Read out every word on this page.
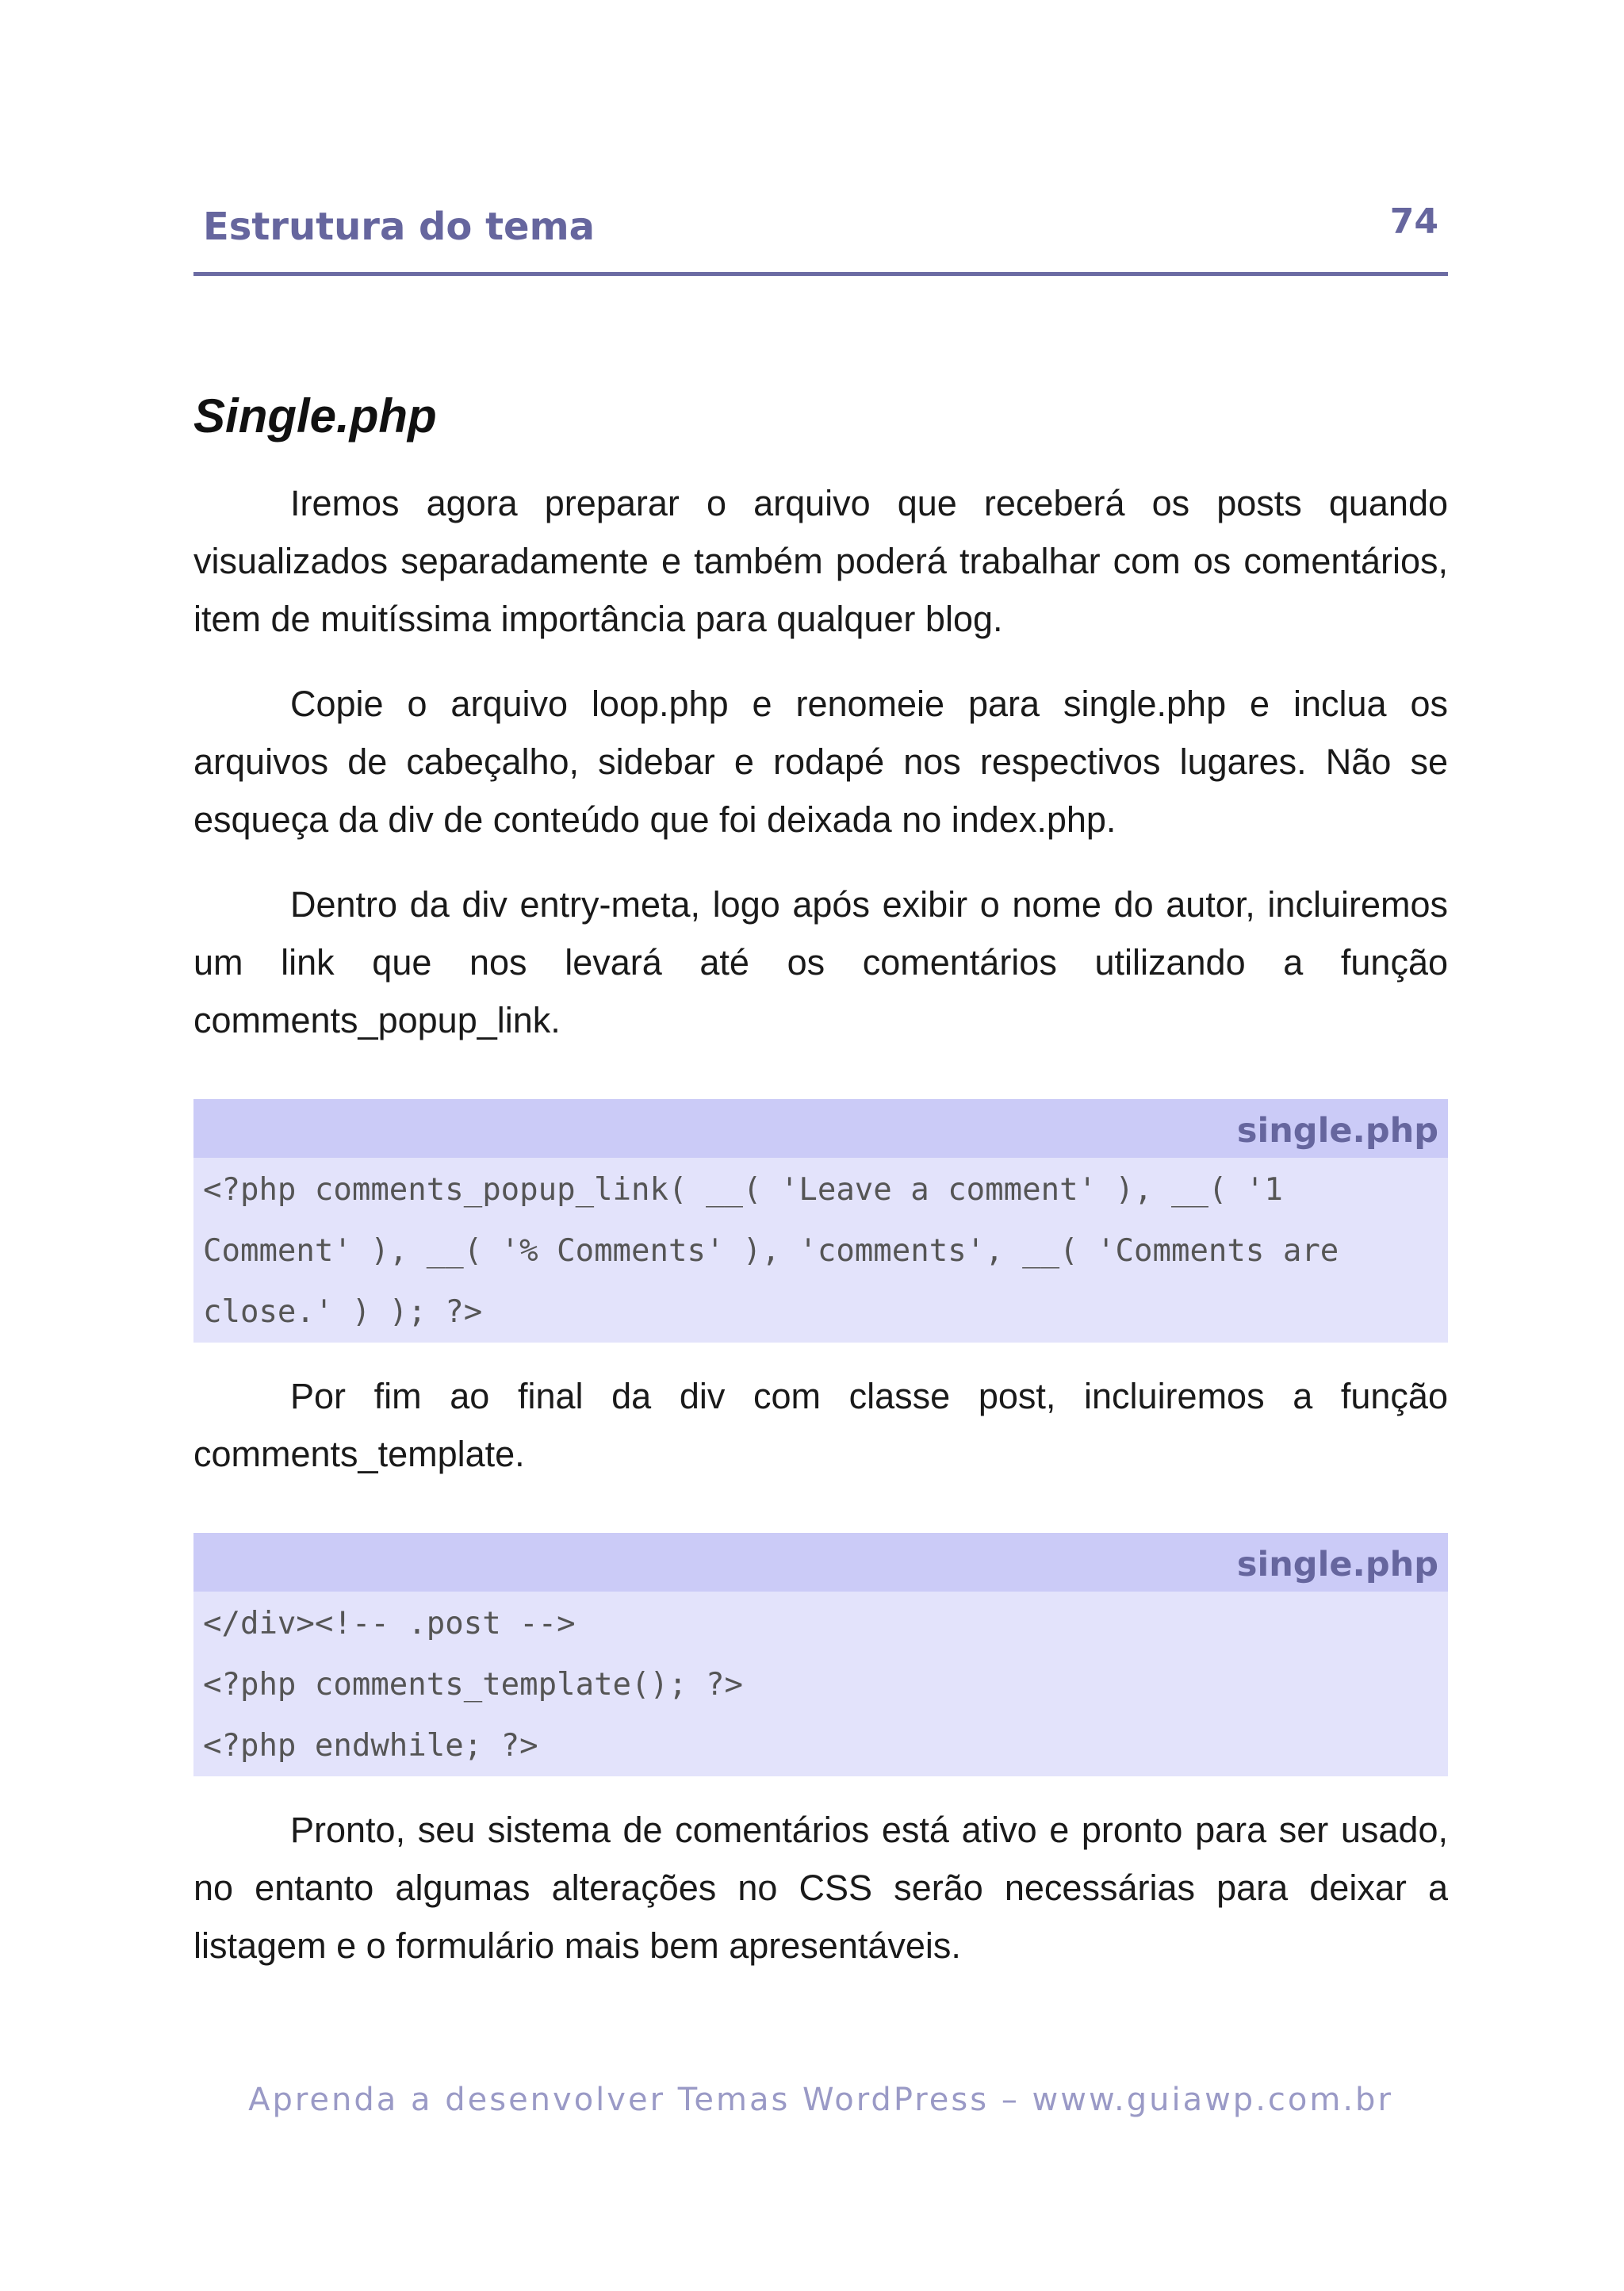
Estrutura do tema	74
Single.php

Iremos agora preparar o arquivo que receberá os posts quando visualizados separadamente e também poderá trabalhar com os comentários, item de muitíssima importância para qualquer blog.

Copie o arquivo loop.php e renomeie para single.php e inclua os arquivos de cabeçalho, sidebar e rodapé nos respectivos lugares. Não se esqueça da div de conteúdo que foi deixada no index.php.

Dentro da div entry-meta, logo após exibir o nome do autor, incluiremos um link que nos levará até os comentários utilizando a função comments_popup_link.

single.php
<?php comments_popup_link( __( 'Leave a comment' ), __( '1
Comment' ), __( '% Comments' ), 'comments', __( 'Comments are
close.' ) ); ?>

Por fim ao final da div com classe post, incluiremos a função comments_template.

single.php
</div><!-- .post -->
<?php comments_template(); ?>
<?php endwhile; ?>

Pronto, seu sistema de comentários está ativo e pronto para ser usado, no entanto algumas alterações no CSS serão necessárias para deixar a listagem e o formulário mais bem apresentáveis.

Aprenda a desenvolver Temas WordPress – www.guiawp.com.br
